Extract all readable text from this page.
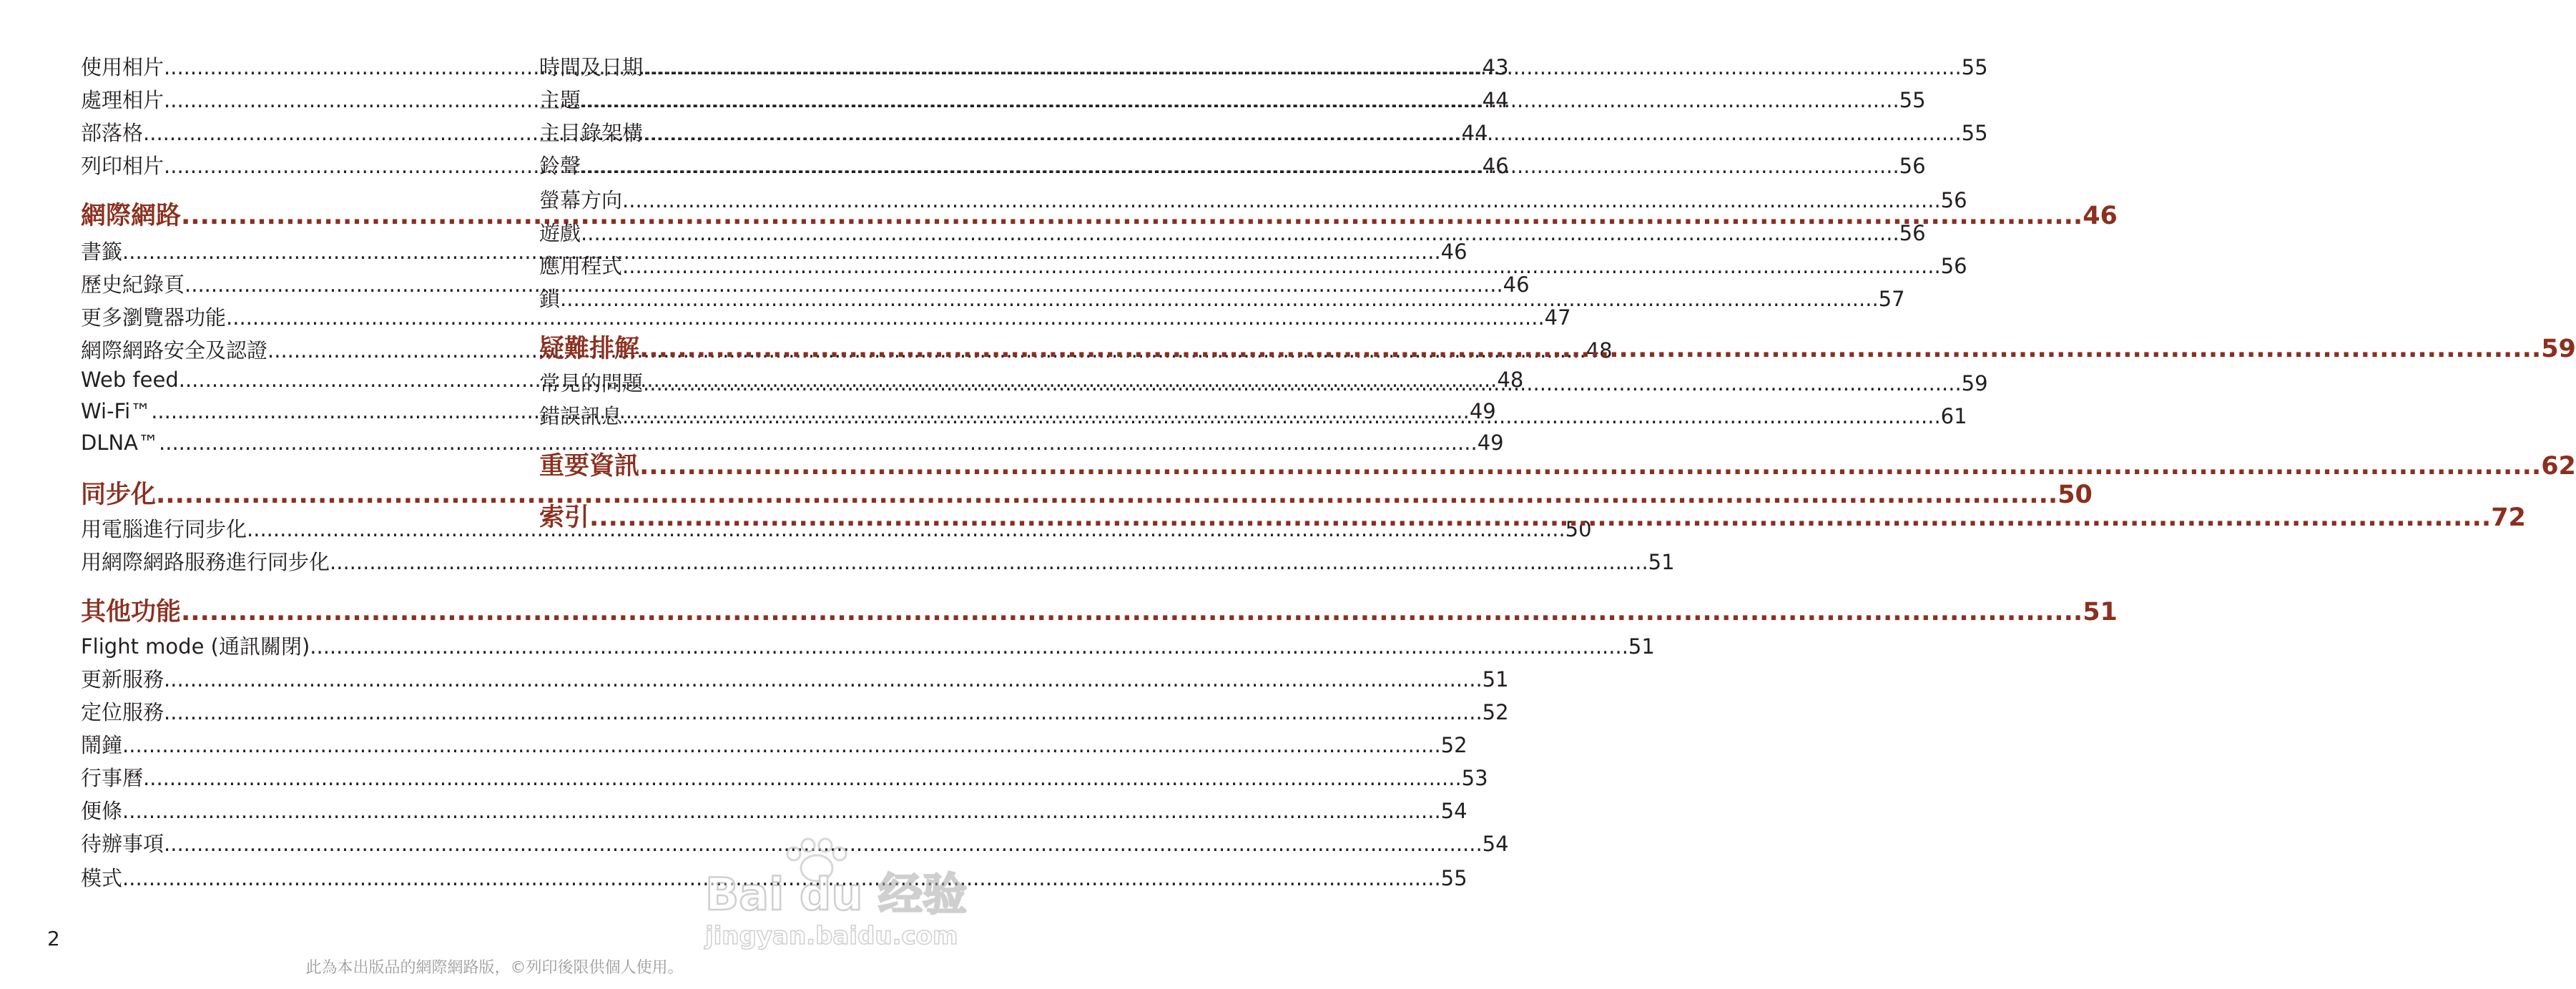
使用相片 .....	43
處理相片 .....	44
部落格 .....	44
列印相片 .....	46
網際網路 .....	46
書籤 .....	46
歷史紀錄頁 .....	46
更多瀏覽器功能 .....	47
網際網路安全及認證 .....	48
Web feed .....	48
Wi-Fi™ .....	49
DLNA™ .....	49
同步化 .....	50
用電腦進行同步化 .....	50
用網際網路服務進行同步化 .....	51
其他功能 .....	51
Flight mode (通訊關閉) .....	51
更新服務 .....	51
定位服務 .....	52
鬧鐘 .....	52
行事曆 .....	53
便條 .....	54
待辦事項 .....	54
模式 .....	55
時間及日期 .....	55
主題 .....	55
主目錄架構 .....	55
鈴聲 .....	56
螢幕方向 .....	56
遊戲 .....	56
應用程式 .....	56
鎖 .....	57
疑難排解 .....	59
常見的問題 .....	59
錯誤訊息 .....	61
重要資訊 .....	62
索引 .....	72
2
此為本出版品的網際網路版，©列印後限供個人使用。
Bai du 经验
jingyan.baidu.com
